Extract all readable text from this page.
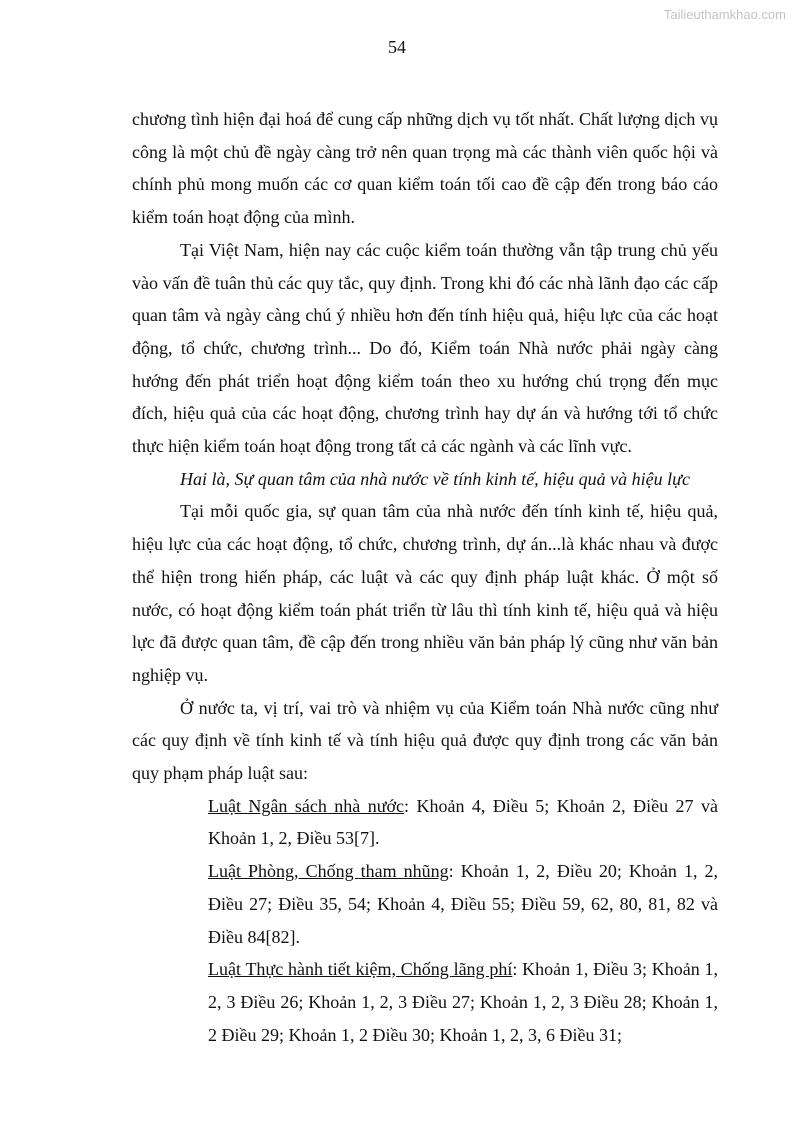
Tailieuthamkhao.com
54

chương tình hiện đại hoá để cung cấp những dịch vụ tốt nhất. Chất lượng dịch vụ công là một chủ đề ngày càng trở nên quan trọng mà các thành viên quốc hội và chính phủ mong muốn các cơ quan kiểm toán tối cao đề cập đến trong báo cáo kiểm toán hoạt động của mình.

Tại Việt Nam, hiện nay các cuộc kiểm toán thường vẫn tập trung chủ yếu vào vấn đề tuân thủ các quy tắc, quy định. Trong khi đó các nhà lãnh đạo các cấp quan tâm và ngày càng chú ý nhiều hơn đến tính hiệu quả, hiệu lực của các hoạt động, tổ chức, chương trình... Do đó, Kiểm toán Nhà nước phải ngày càng hướng đến phát triển hoạt động kiểm toán theo xu hướng chú trọng đến mục đích, hiệu quả của các hoạt động, chương trình hay dự án và hướng tới tổ chức thực hiện kiểm toán hoạt động trong tất cả các ngành và các lĩnh vực.

Hai là, Sự quan tâm của nhà nước về tính kinh tế, hiệu quả và hiệu lực

Tại mỗi quốc gia, sự quan tâm của nhà nước đến tính kinh tế, hiệu quả, hiệu lực của các hoạt động, tổ chức, chương trình, dự án...là khác nhau và được thể hiện trong hiến pháp, các luật và các quy định pháp luật khác. Ở một số nước, có hoạt động kiểm toán phát triển từ lâu thì tính kinh tế, hiệu quả và hiệu lực đã được quan tâm, đề cập đến trong nhiều văn bản pháp lý cũng như văn bản nghiệp vụ.

Ở nước ta, vị trí, vai trò và nhiệm vụ của Kiểm toán Nhà nước cũng như các quy định về tính kinh tế và tính hiệu quả được quy định trong các văn bản quy phạm pháp luật sau:

Luật Ngân sách nhà nước: Khoản 4, Điều 5; Khoản 2, Điều 27 và Khoản 1, 2, Điều 53[7].

Luật Phòng, Chống tham nhũng: Khoản 1, 2, Điều 20; Khoản 1, 2, Điều 27; Điều 35, 54; Khoản 4, Điều 55; Điều 59, 62, 80, 81, 82 và Điều 84[82].

Luật Thực hành tiết kiệm, Chống lãng phí: Khoản 1, Điều 3; Khoản 1, 2, 3 Điều 26; Khoản 1, 2, 3 Điều 27; Khoản 1, 2, 3 Điều 28; Khoản 1, 2 Điều 29; Khoản 1, 2 Điều 30; Khoản 1, 2, 3, 6 Điều 31;
